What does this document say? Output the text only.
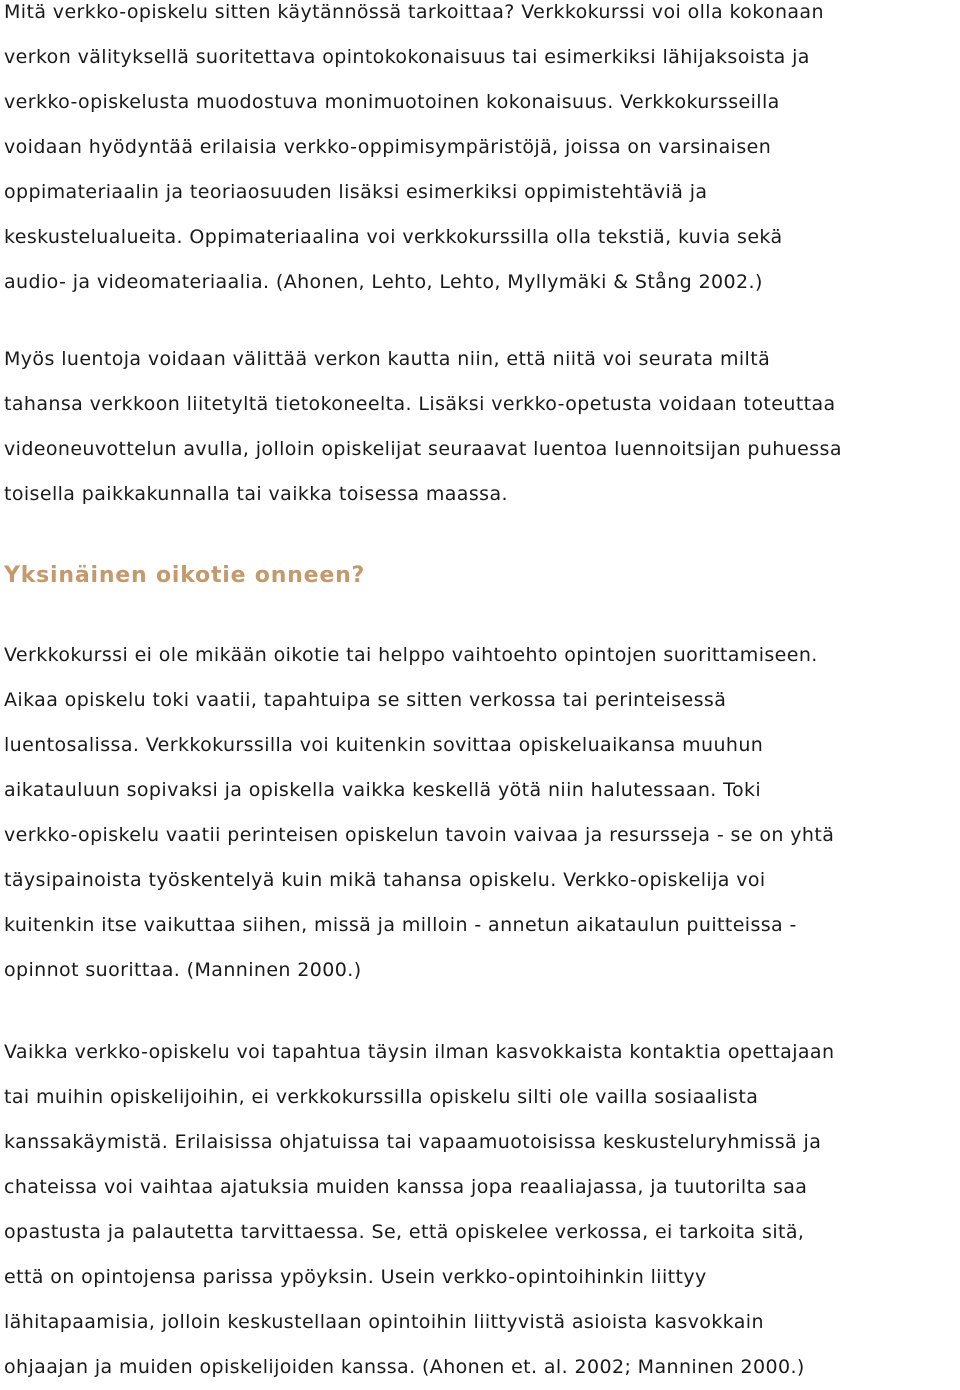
Mitä verkko-opiskelu sitten käytännössä tarkoittaa? Verkkokurssi voi olla kokonaan
verkon välityksellä suoritettava opintokokonaisuus tai esimerkiksi lähijaksoista ja
verkko-opiskelusta muodostuva monimuotoinen kokonaisuus. Verkkokursseilla
voidaan hyödyntää erilaisia verkko-oppimisympäristöjä, joissa on varsinaisen
oppimateriaalin ja teoriaosuuden lisäksi esimerkiksi oppimistehtäviä ja
keskustelualueita. Oppimateriaalina voi verkkokurssilla olla tekstiä, kuvia sekä
audio- ja videomateriaalia. (Ahonen, Lehto, Lehto, Myllymäki & Stång 2002.)
Myös luentoja voidaan välittää verkon kautta niin, että niitä voi seurata miltä
tahansa verkkoon liitetyltä tietokoneelta. Lisäksi verkko-opetusta voidaan toteuttaa
videoneuvottelun avulla, jolloin opiskelijat seuraavat luentoa luennoitsijan puhuessa
toisella paikkakunnalla tai vaikka toisessa maassa.
Yksinäinen oikotie onneen?
Verkkokurssi ei ole mikään oikotie tai helppo vaihtoehto opintojen suorittamiseen.
Aikaa opiskelu toki vaatii, tapahtuipa se sitten verkossa tai perinteisessä
luentosalissa. Verkkokurssilla voi kuitenkin sovittaa opiskeluaikansa muuhun
aikatauluun sopivaksi ja opiskella vaikka keskellä yötä niin halutessaan. Toki
verkko-opiskelu vaatii perinteisen opiskelun tavoin vaivaa ja resursseja - se on yhtä
täysipainoista työskentelyä kuin mikä tahansa opiskelu. Verkko-opiskelija voi
kuitenkin itse vaikuttaa siihen, missä ja milloin - annetun aikataulun puitteissa -
opinnot suorittaa. (Manninen 2000.)
Vaikka verkko-opiskelu voi tapahtua täysin ilman kasvokkaista kontaktia opettajaan
tai muihin opiskelijoihin, ei verkkokurssilla opiskelu silti ole vailla sosiaalista
kanssakäymistä. Erilaisissa ohjatuissa tai vapaamuotoisissa keskusteluryhmissä ja
chateissa voi vaihtaa ajatuksia muiden kanssa jopa reaaliajassa, ja tuutorilta saa
opastusta ja palautetta tarvittaessa. Se, että opiskelee verkossa, ei tarkoita sitä,
että on opintojensa parissa ypöyksin. Usein verkko-opintoihinkin liittyy
lähitapaamisia, jolloin keskustellaan opintoihin liittyvistä asioista kasvokkain
ohjaajan ja muiden opiskelijoiden kanssa. (Ahonen et. al. 2002; Manninen 2000.)
